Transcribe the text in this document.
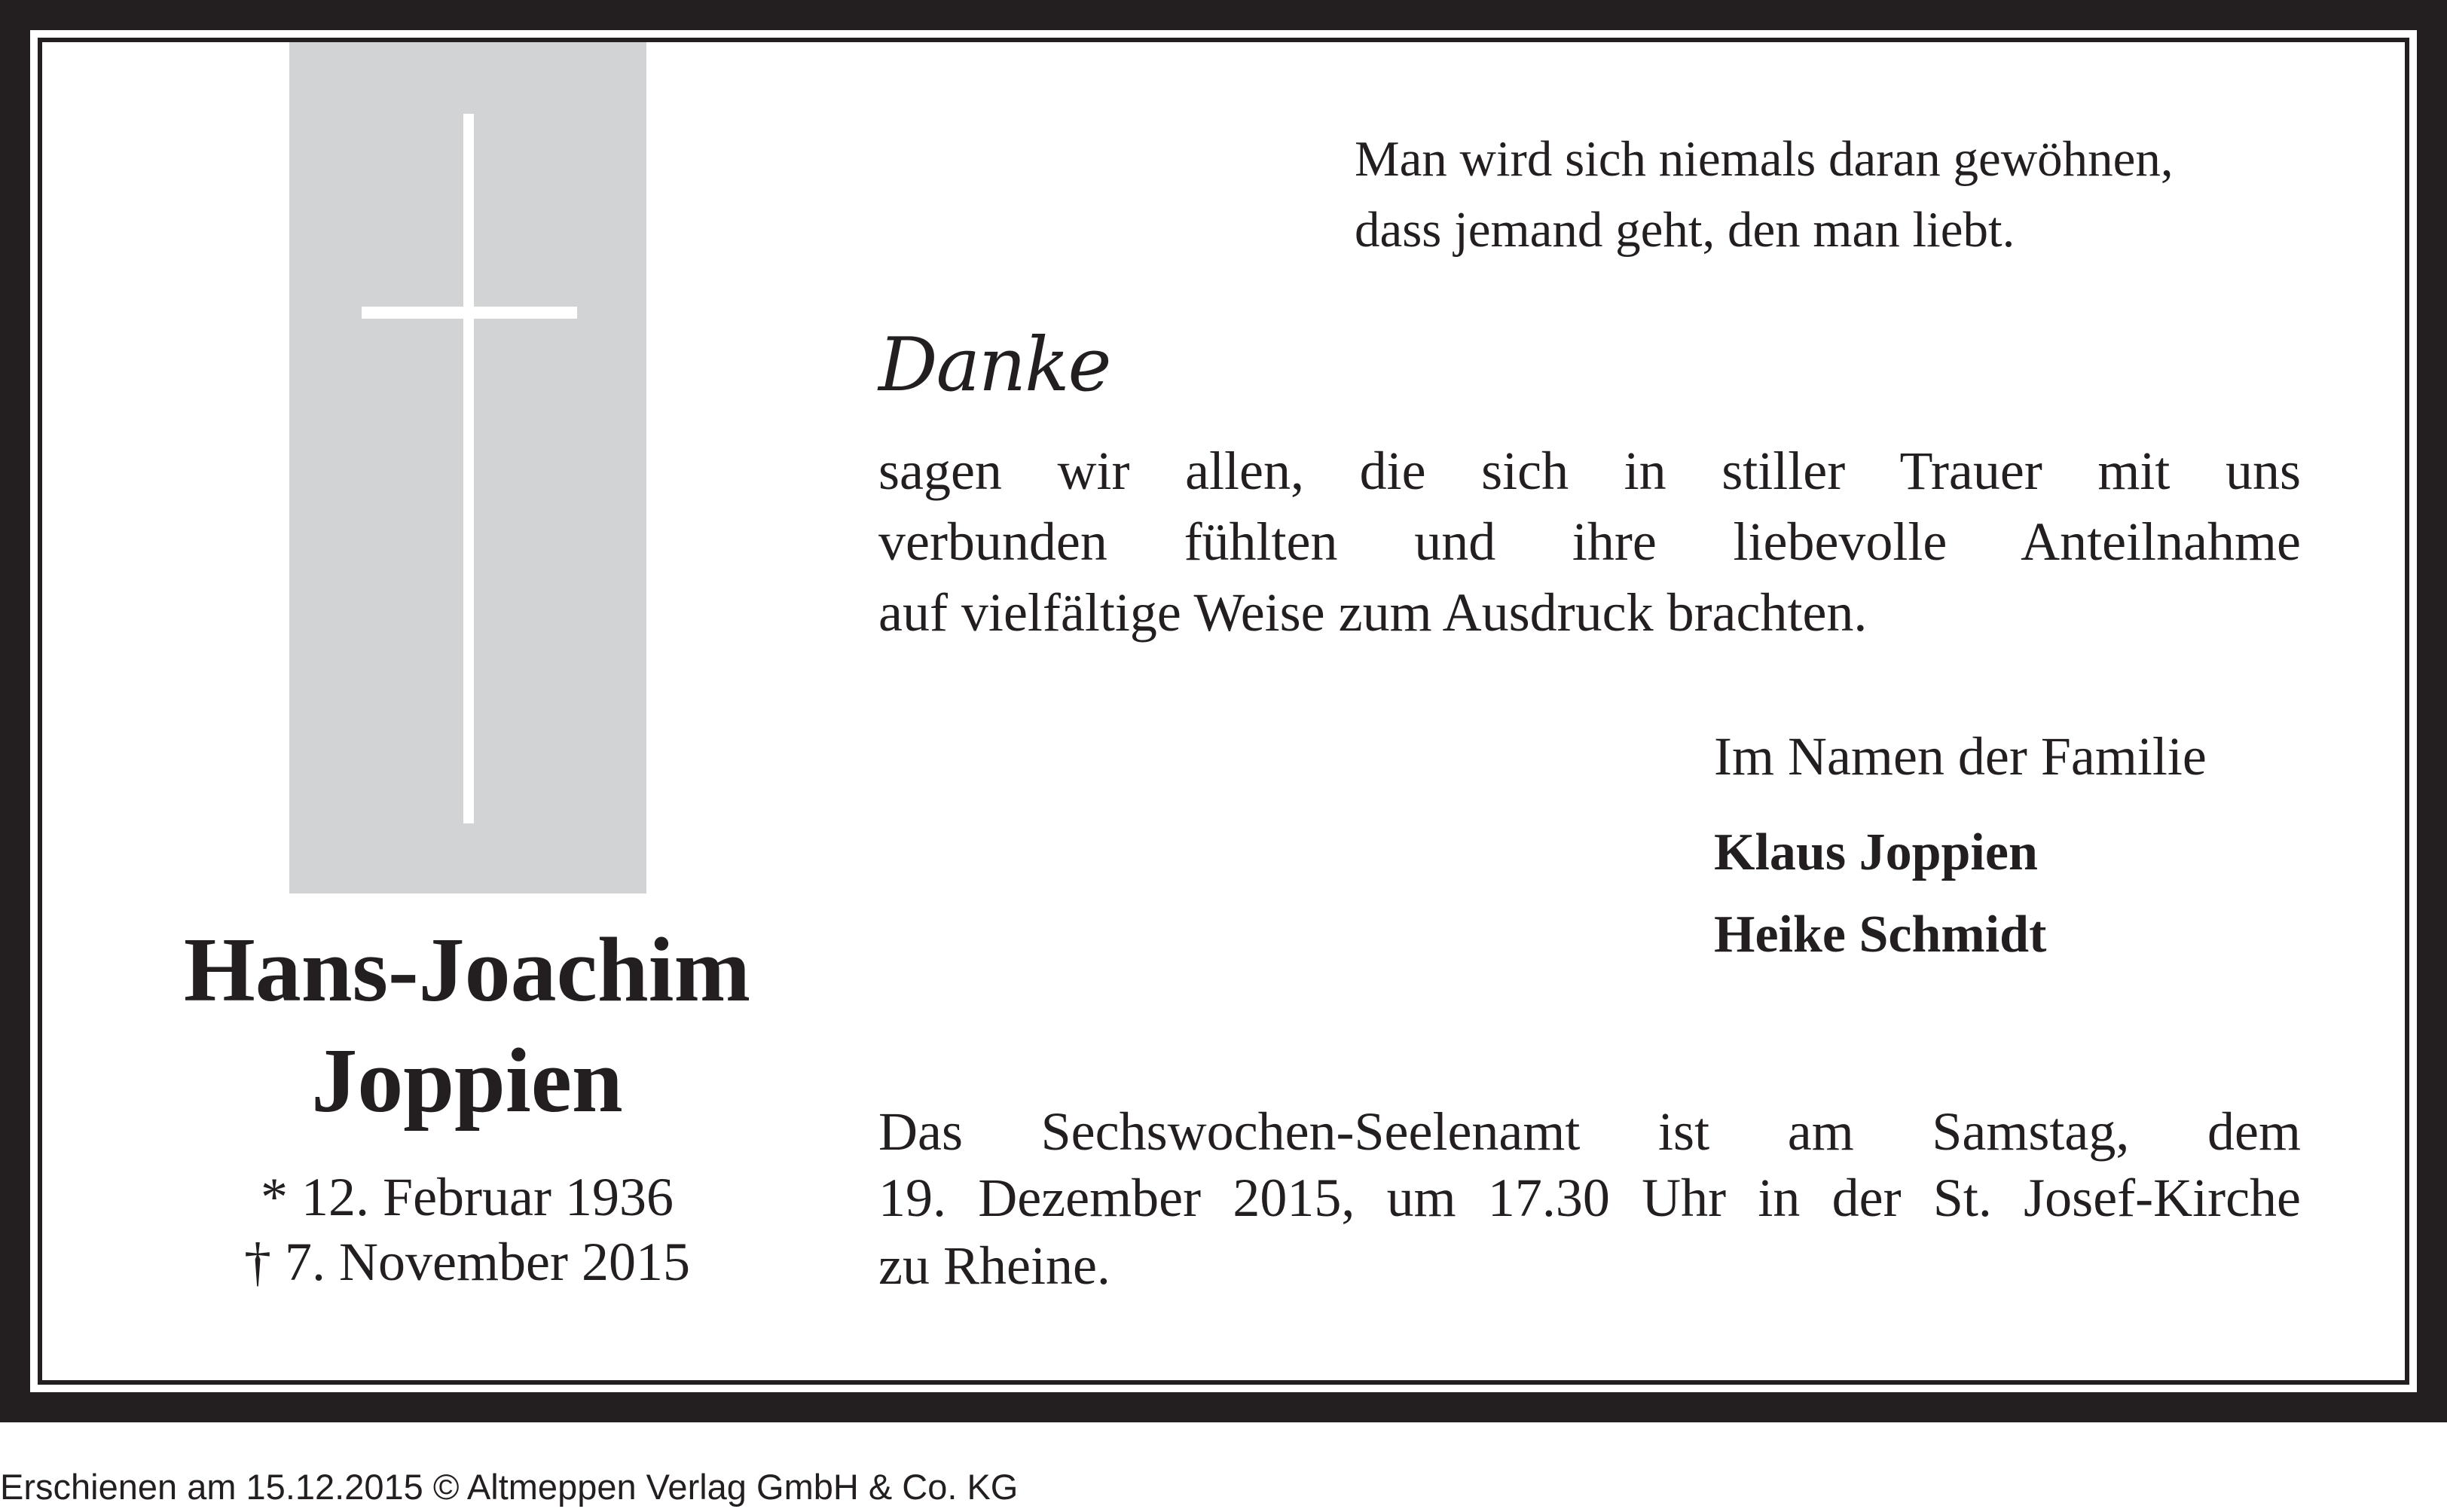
Hans-Joachim
Joppien
* 12. Februar 1936
† 7. November 2015
Man wird sich niemals daran gewöhnen,
dass jemand geht, den man liebt.
Danke
sagen wir allen, die sich in stiller Trauer mit uns
verbunden fühlten und ihre liebevolle Anteilnahme
auf vielfältige Weise zum Ausdruck brachten.
Im Namen der Familie
Klaus Joppien
Heike Schmidt
Das Sechswochen-Seelenamt ist am Samstag, dem
19. Dezember 2015, um 17.30 Uhr in der St. Josef-Kirche
zu Rheine.
Erschienen am 15.12.2015 © Altmeppen Verlag GmbH & Co. KG
